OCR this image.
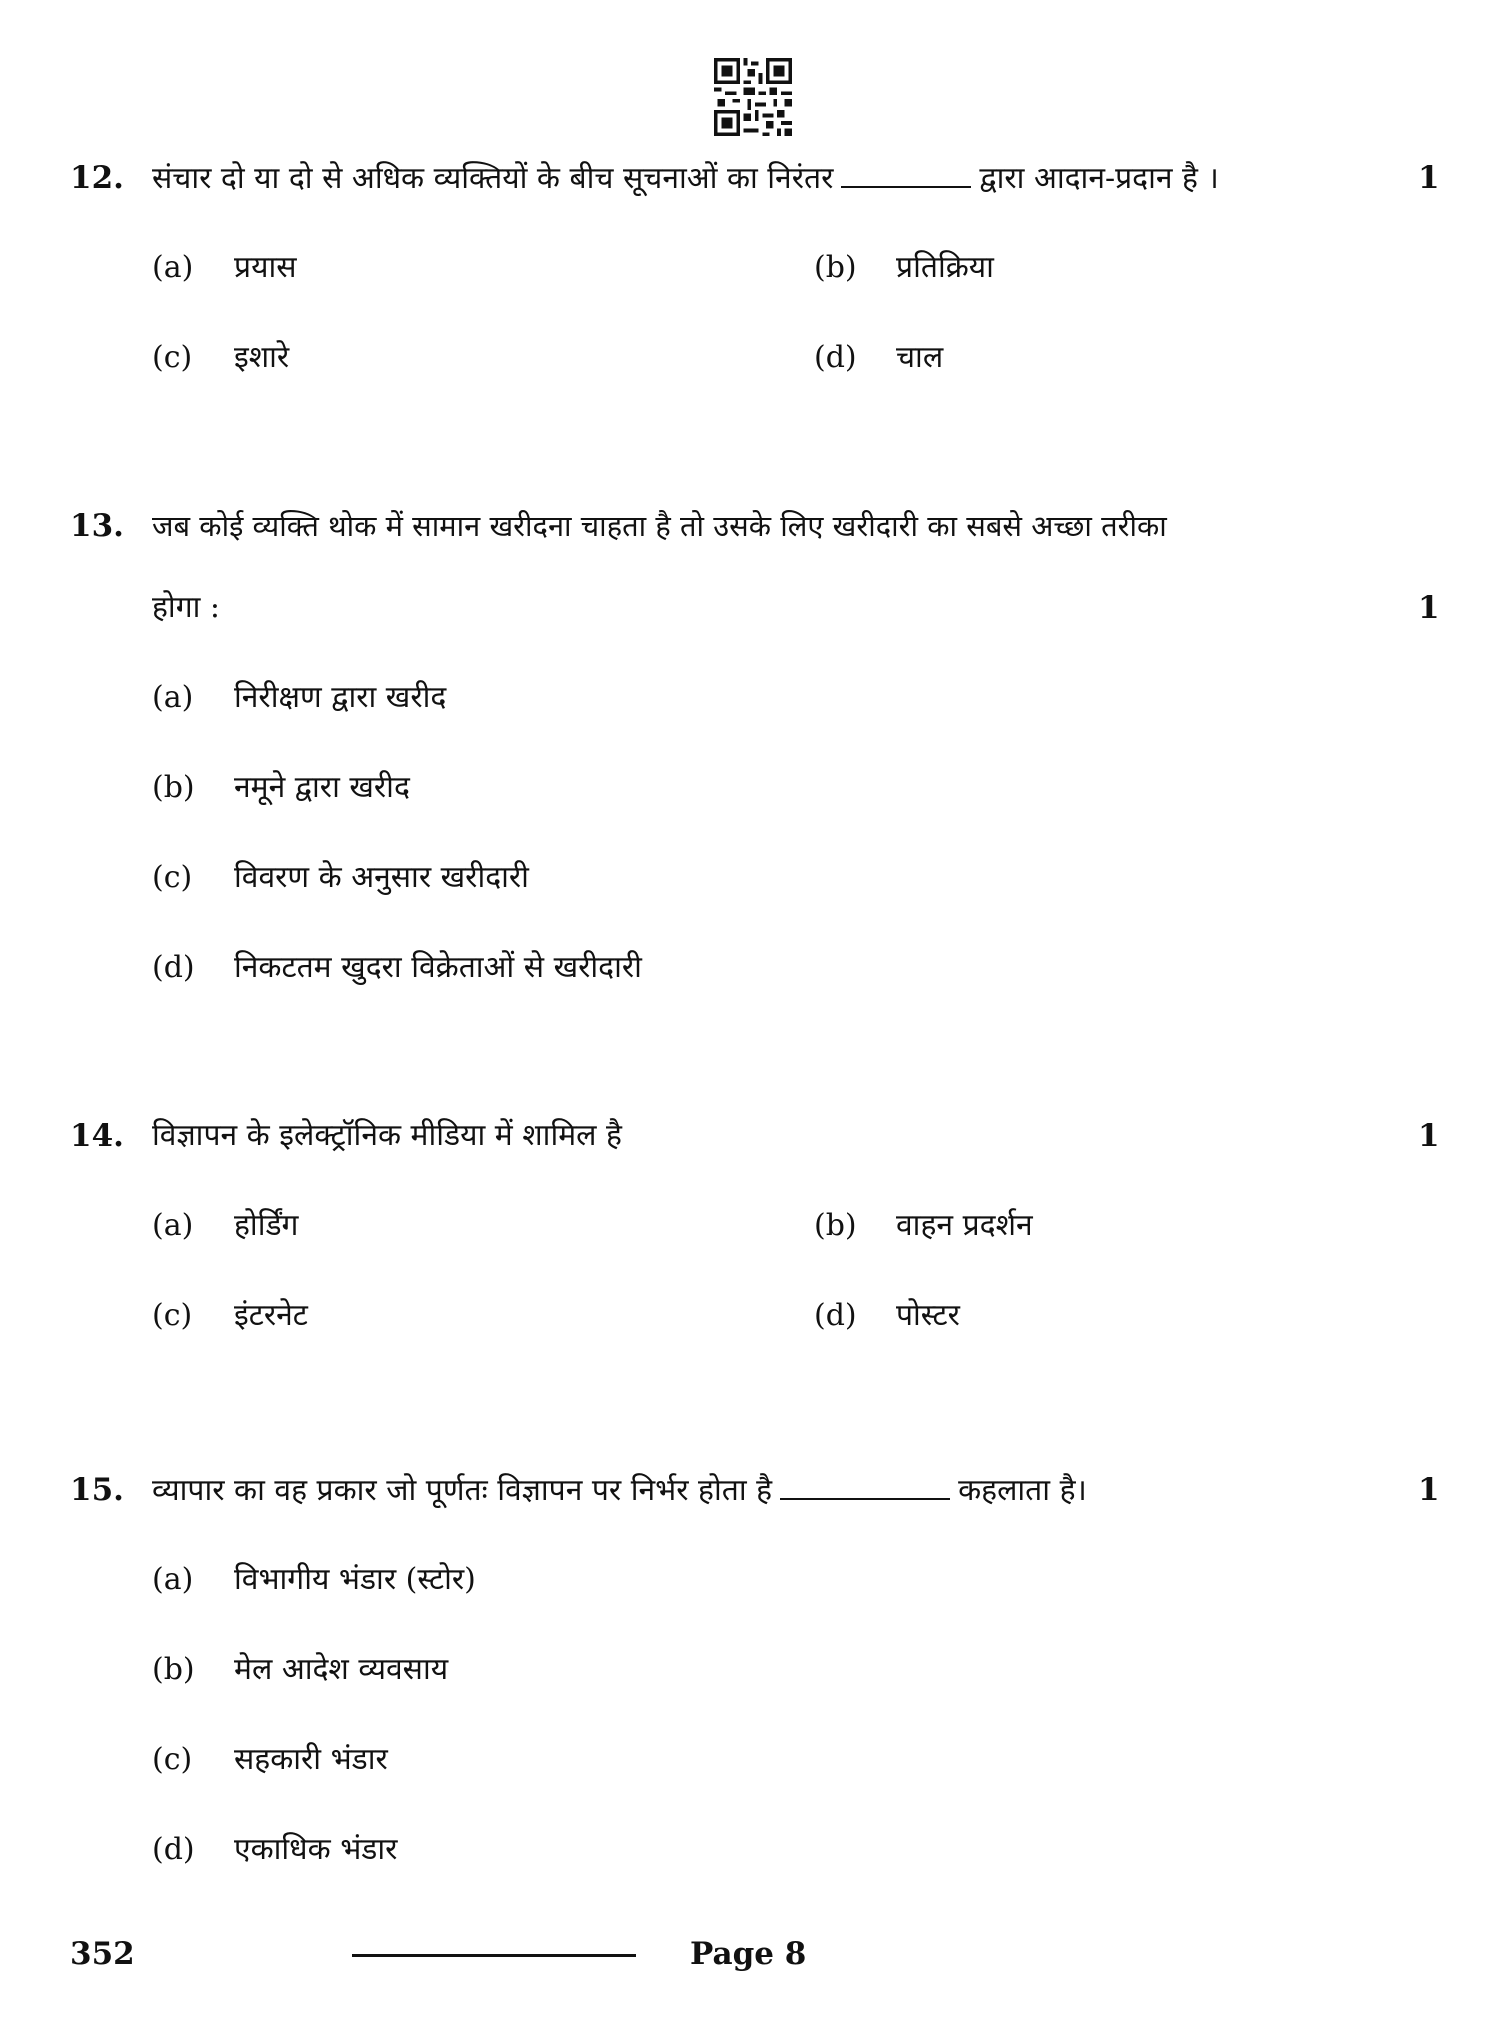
12. संचार दो या दो से अधिक व्यक्तियों के बीच सूचनाओं का निरंतर	द्वारा आदान-प्रदान है ।	1
(a) प्रयास	(b) प्रतिक्रिया
(c) इशारे	(d) चाल
13. जब कोई व्यक्ति थोक में सामान खरीदना चाहता है तो उसके लिए खरीदारी का सबसे अच्छा तरीका
होगा :	1
(a) निरीक्षण द्वारा खरीद
(b) नमूने द्वारा खरीद
(c) विवरण के अनुसार खरीदारी
(d) निकटतम खुदरा विक्रेताओं से खरीदारी
14. विज्ञापन के इलेक्ट्रॉनिक मीडिया में शामिल है	1
(a) होर्डिंग	(b) वाहन प्रदर्शन
(c) इंटरनेट	(d) पोस्टर
15. व्यापार का वह प्रकार जो पूर्णतः विज्ञापन पर निर्भर होता है	कहलाता है।	1
(a) विभागीय भंडार (स्टोर)
(b) मेल आदेश व्यवसाय
(c) सहकारी भंडार
(d) एकाधिक भंडार
352	Page 8
